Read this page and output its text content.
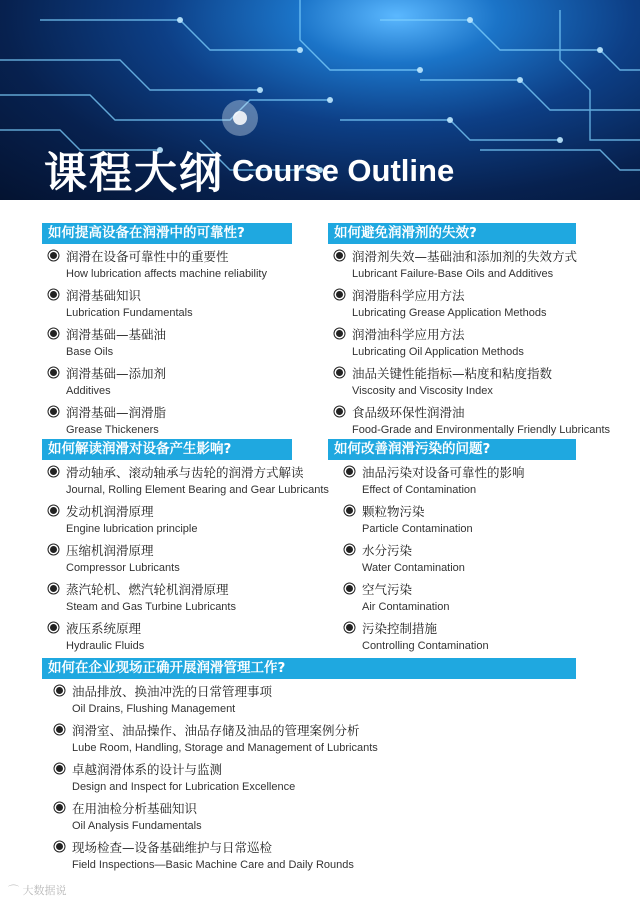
课程大纲 Course Outline
如何提高设备在润滑中的可靠性?
润滑在设备可靠性中的重要性
How lubrication affects machine reliability
润滑基础知识
Lubrication Fundamentals
润滑基础—基础油
Base Oils
润滑基础—添加剂
Additives
润滑基础—润滑脂
Grease Thickeners
如何避免润滑剂的失效?
润滑剂失效—基础油和添加剂的失效方式
Lubricant Failure-Base Oils and Additives
润滑脂科学应用方法
Lubricating Grease Application Methods
润滑油科学应用方法
Lubricating Oil Application Methods
油品关键性能指标—粘度和粘度指数
Viscosity and Viscosity Index
食品级环保性润滑油
Food-Grade and Environmentally Friendly Lubricants
如何解读润滑对设备产生影响?
滑动轴承、滚动轴承与齿轮的润滑方式解读
Journal, Rolling Element Bearing and Gear Lubricants
发动机润滑原理
Engine lubrication principle
压缩机润滑原理
Compressor Lubricants
蒸汽轮机、燃汽轮机润滑原理
Steam and Gas Turbine Lubricants
液压系统原理
Hydraulic Fluids
如何改善润滑污染的问题?
油品污染对设备可靠性的影响
Effect of Contamination
颗粒物污染
Particle Contamination
水分污染
Water Contamination
空气污染
Air Contamination
污染控制措施
Controlling Contamination
如何在企业现场正确开展润滑管理工作?
油品排放、换油冲洗的日常管理事项
Oil Drains, Flushing Management
润滑室、油品操作、油品存储及油品的管理案例分析
Lube Room, Handling, Storage and Management of Lubricants
卓越润滑体系的设计与监测
Design and Inspect for Lubrication Excellence
在用油检分析基础知识
Oil Analysis Fundamentals
现场检查—设备基础维护与日常巡检
Field Inspections—Basic Machine Care and Daily Rounds
⌒ 大数据说
